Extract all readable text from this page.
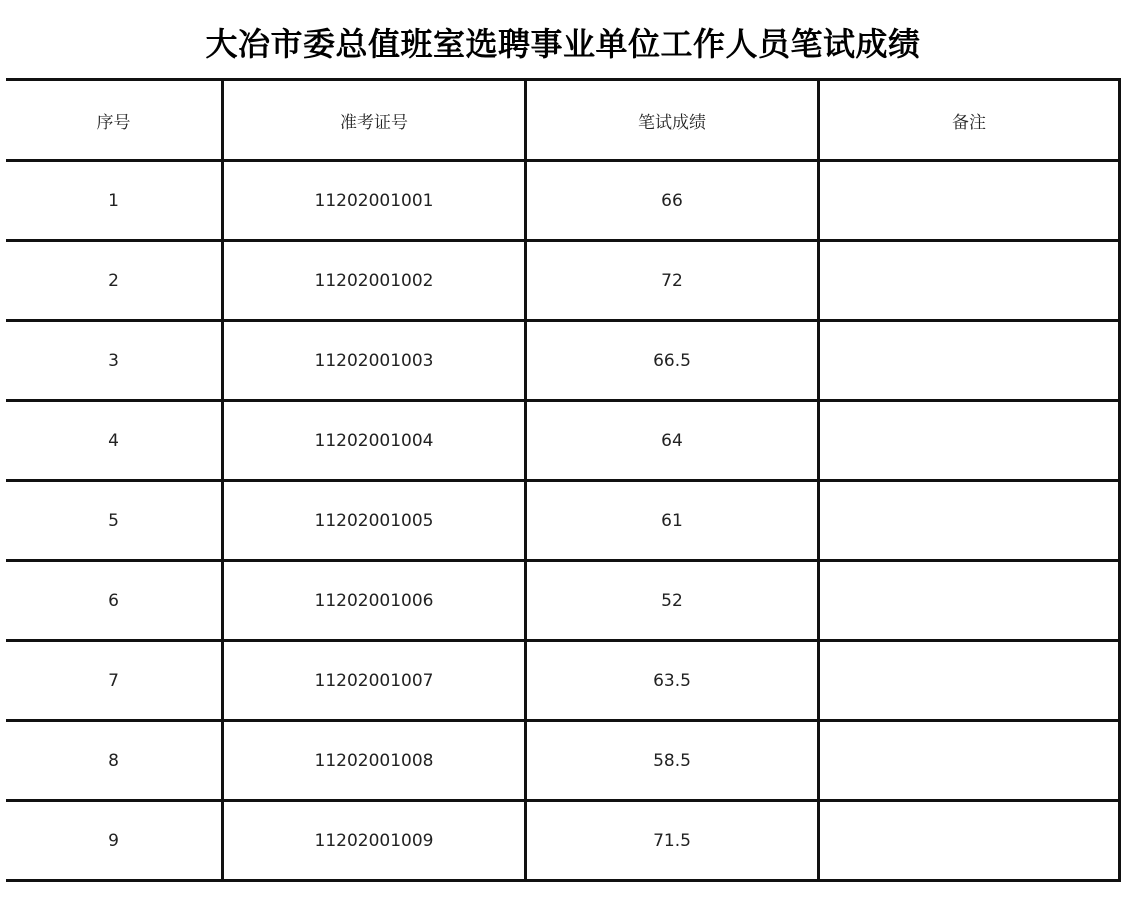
大冶市委总值班室选聘事业单位工作人员笔试成绩
序号	准考证号	笔试成绩	备注
1	11202001001	66	
2	11202001002	72	
3	11202001003	66.5	
4	11202001004	64	
5	11202001005	61	
6	11202001006	52	
7	11202001007	63.5	
8	11202001008	58.5	
9	11202001009	71.5	
